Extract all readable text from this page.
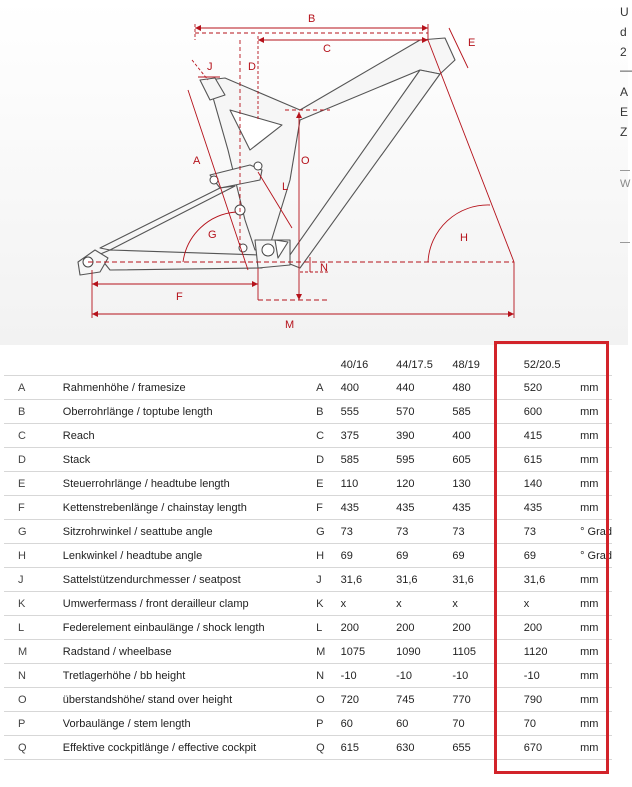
B
C	E
J	D
A	O
L
G	H
N
F
M
U
d
2
—
A
E
Z
W
			40/16	44/17.5	48/19	52/20.5	
A	Rahmenhöhe / framesize	A	400	440	480	520	mm
B	Oberrohrlänge / toptube length	B	555	570	585	600	mm
C	Reach	C	375	390	400	415	mm
D	Stack	D	585	595	605	615	mm
E	Steuerrohrlänge / headtube length	E	110	120	130	140	mm
F	Kettenstrebenlänge / chainstay length	F	435	435	435	435	mm
G	Sitzrohrwinkel / seattube angle	G	73	73	73	73	° Grad
H	Lenkwinkel / headtube angle	H	69	69	69	69	° Grad
J	Sattelstützendurchmesser / seatpost	J	31,6	31,6	31,6	31,6	mm
K	Umwerfermass / front derailleur clamp	K	x	x	x	x	mm
L	Federelement einbaulänge / shock length	L	200	200	200	200	mm
M	Radstand / wheelbase	M	1075	1090	1105	1120	mm
N	Tretlagerhöhe / bb height	N	-10	-10	-10	-10	mm
O	überstandshöhe/ stand over height	O	720	745	770	790	mm
P	Vorbaulänge / stem length	P	60	60	70	70	mm
Q	Effektive cockpitlänge / effective cockpit	Q	615	630	655	670	mm
